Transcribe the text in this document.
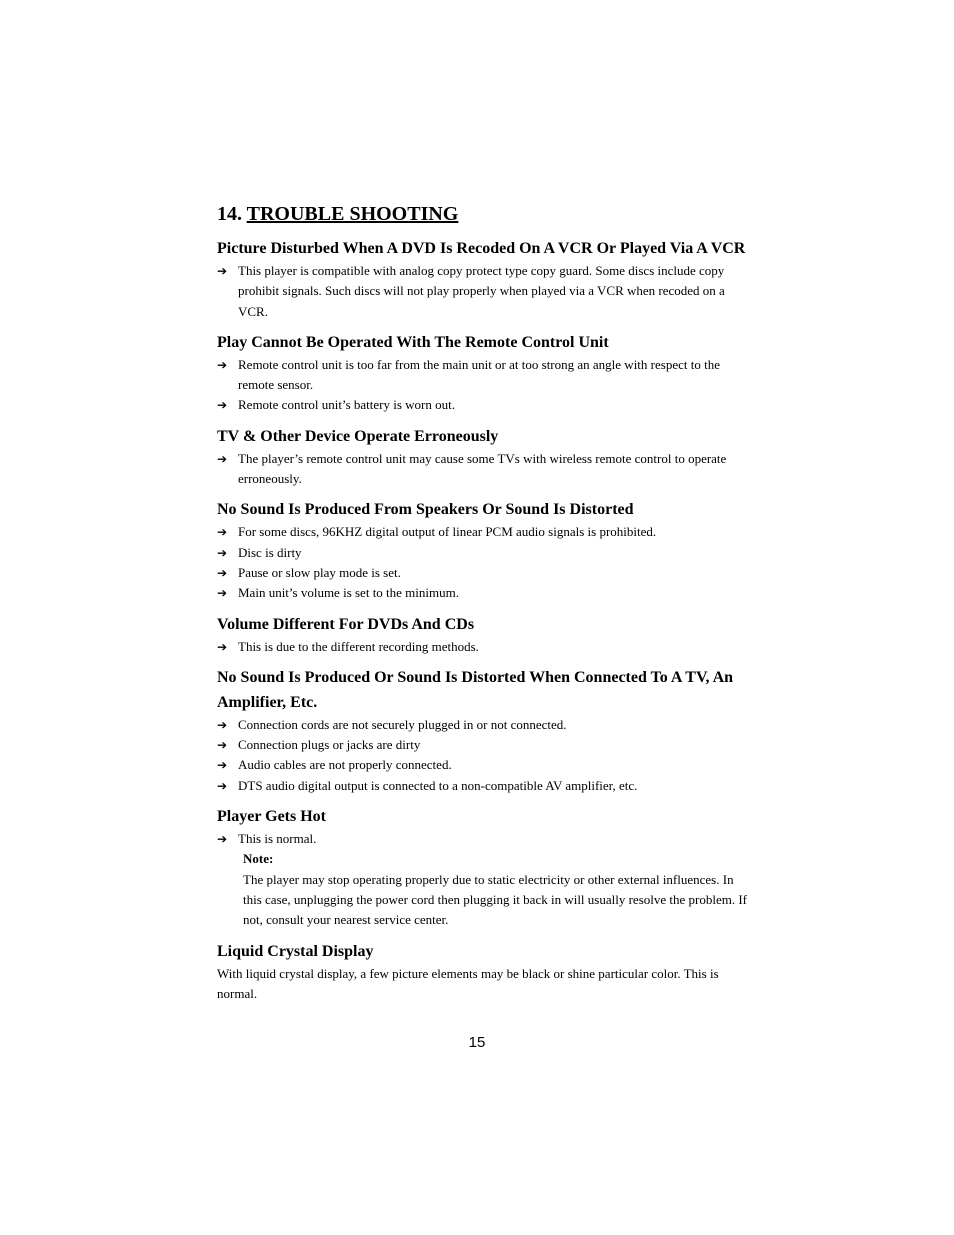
14. TROUBLE SHOOTING
Picture Disturbed When A DVD Is Recoded On A VCR Or Played Via A VCR
➔ This player is compatible with analog copy protect type copy guard. Some discs include copy prohibit signals. Such discs will not play properly when played via a VCR when recoded on a VCR.
Play Cannot Be Operated With The Remote Control Unit
➔ Remote control unit is too far from the main unit or at too strong an angle with respect to the remote sensor.
➔ Remote control unit’s battery is worn out.
TV & Other Device Operate Erroneously
➔ The player’s remote control unit may cause some TVs with wireless remote control to operate erroneously.
No Sound Is Produced From Speakers Or Sound Is Distorted
➔ For some discs, 96KHZ digital output of linear PCM audio signals is prohibited.
➔ Disc is dirty
➔ Pause or slow play mode is set.
➔ Main unit’s volume is set to the minimum.
Volume Different For DVDs And CDs
➔ This is due to the different recording methods.
No Sound Is Produced Or Sound Is Distorted When Connected To A TV, An Amplifier, Etc.
➔ Connection cords are not securely plugged in or not connected.
➔ Connection plugs or jacks are dirty
➔ Audio cables are not properly connected.
➔ DTS audio digital output is connected to a non-compatible AV amplifier, etc.
Player Gets Hot
➔ This is normal.
Note:
The player may stop operating properly due to static electricity or other external influences. In this case, unplugging the power cord then plugging it back in will usually resolve the problem. If not, consult your nearest service center.
Liquid Crystal Display

With liquid crystal display, a few picture elements may be black or shine particular color. This is normal.

15
